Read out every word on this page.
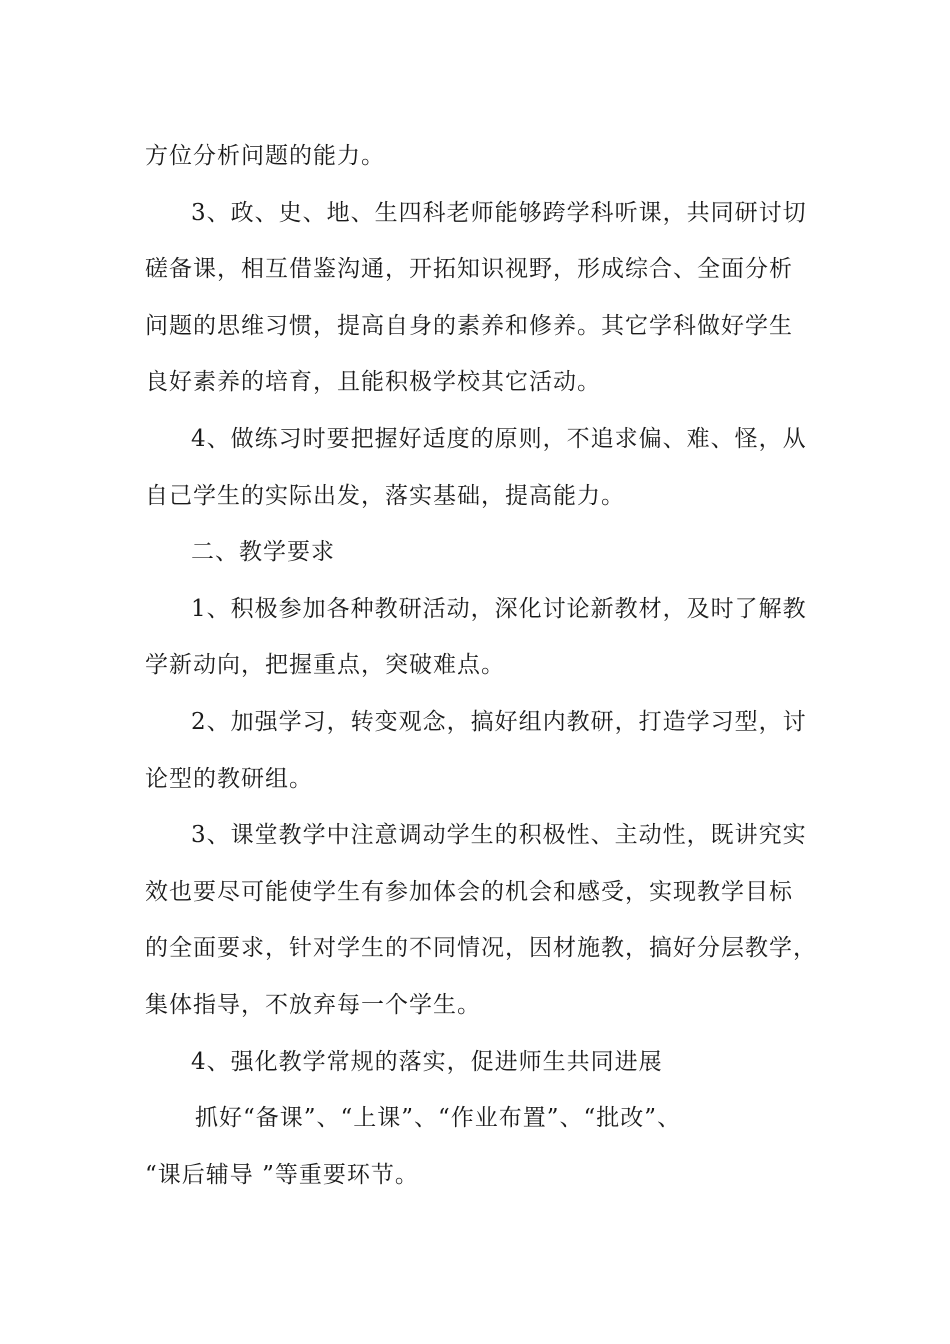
方位分析问题的能力。
3、政、史、地、生四科老师能够跨学科听课，共同研讨切
磋备课，相互借鉴沟通，开拓知识视野，形成综合、全面分析
问题的思维习惯，提高自身的素养和修养。其它学科做好学生
良好素养的培育，且能积极学校其它活动。
4、做练习时要把握好适度的原则，不追求偏、难、怪，从
自己学生的实际出发，落实基础，提高能力。
二、教学要求
1、积极参加各种教研活动，深化讨论新教材，及时了解教
学新动向，把握重点，突破难点。
2、加强学习，转变观念，搞好组内教研，打造学习型，讨
论型的教研组。
3、课堂教学中注意调动学生的积极性、主动性，既讲究实
效也要尽可能使学生有参加体会的机会和感受，实现教学目标
的全面要求，针对学生的不同情况，因材施教，搞好分层教学，
集体指导，不放弃每一个学生。
4、强化教学常规的落实，促进师生共同进展
抓好“备课”、“上课”、“作业布置”、“批改”、
“课后辅导 ”等重要环节。
